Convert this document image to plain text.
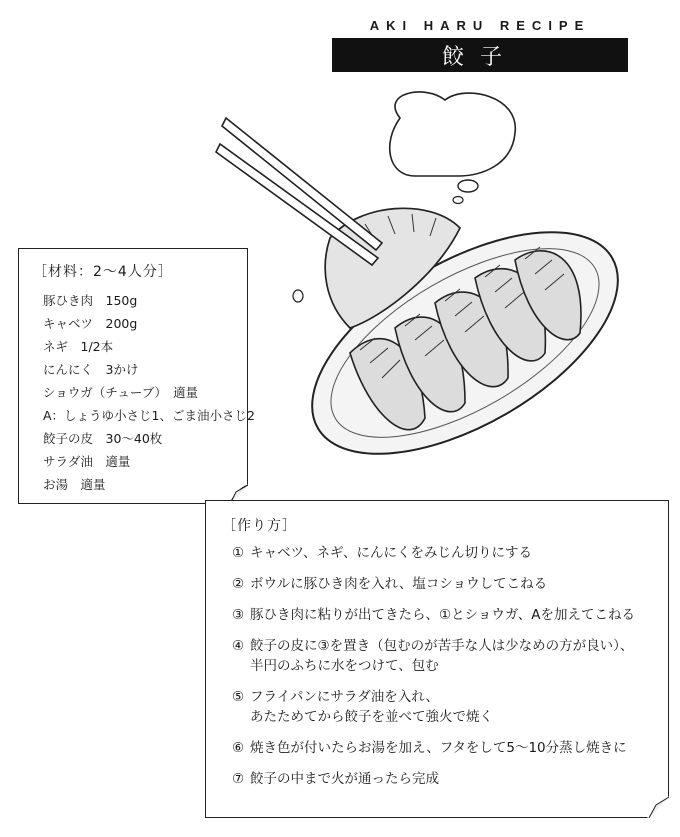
AKI HARU RECIPE
餃子
［材料：2〜4人分］
豚ひき肉　150g
キャベツ　200g
ネギ　1/2本
にんにく　3かけ
ショウガ（チューブ）　適量
A：しょうゆ小さじ1、ごま油小さじ2
餃子の皮　30〜40枚
サラダ油　適量
お湯　適量
［作り方］
① キャベツ、ネギ、にんにくをみじん切りにする
② ボウルに豚ひき肉を入れ、塩コショウしてこねる
③ 豚ひき肉に粘りが出てきたら、①とショウガ、Aを加えてこねる
④ 餃子の皮に③を置き（包むのが苦手な人は少なめの方が良い）、
半円のふちに水をつけて、包む
⑤ フライパンにサラダ油を入れ、
あたためてから餃子を並べて強火で焼く
⑥ 焼き色が付いたらお湯を加え、フタをして5〜10分蒸し焼きに
⑦ 餃子の中まで火が通ったら完成
